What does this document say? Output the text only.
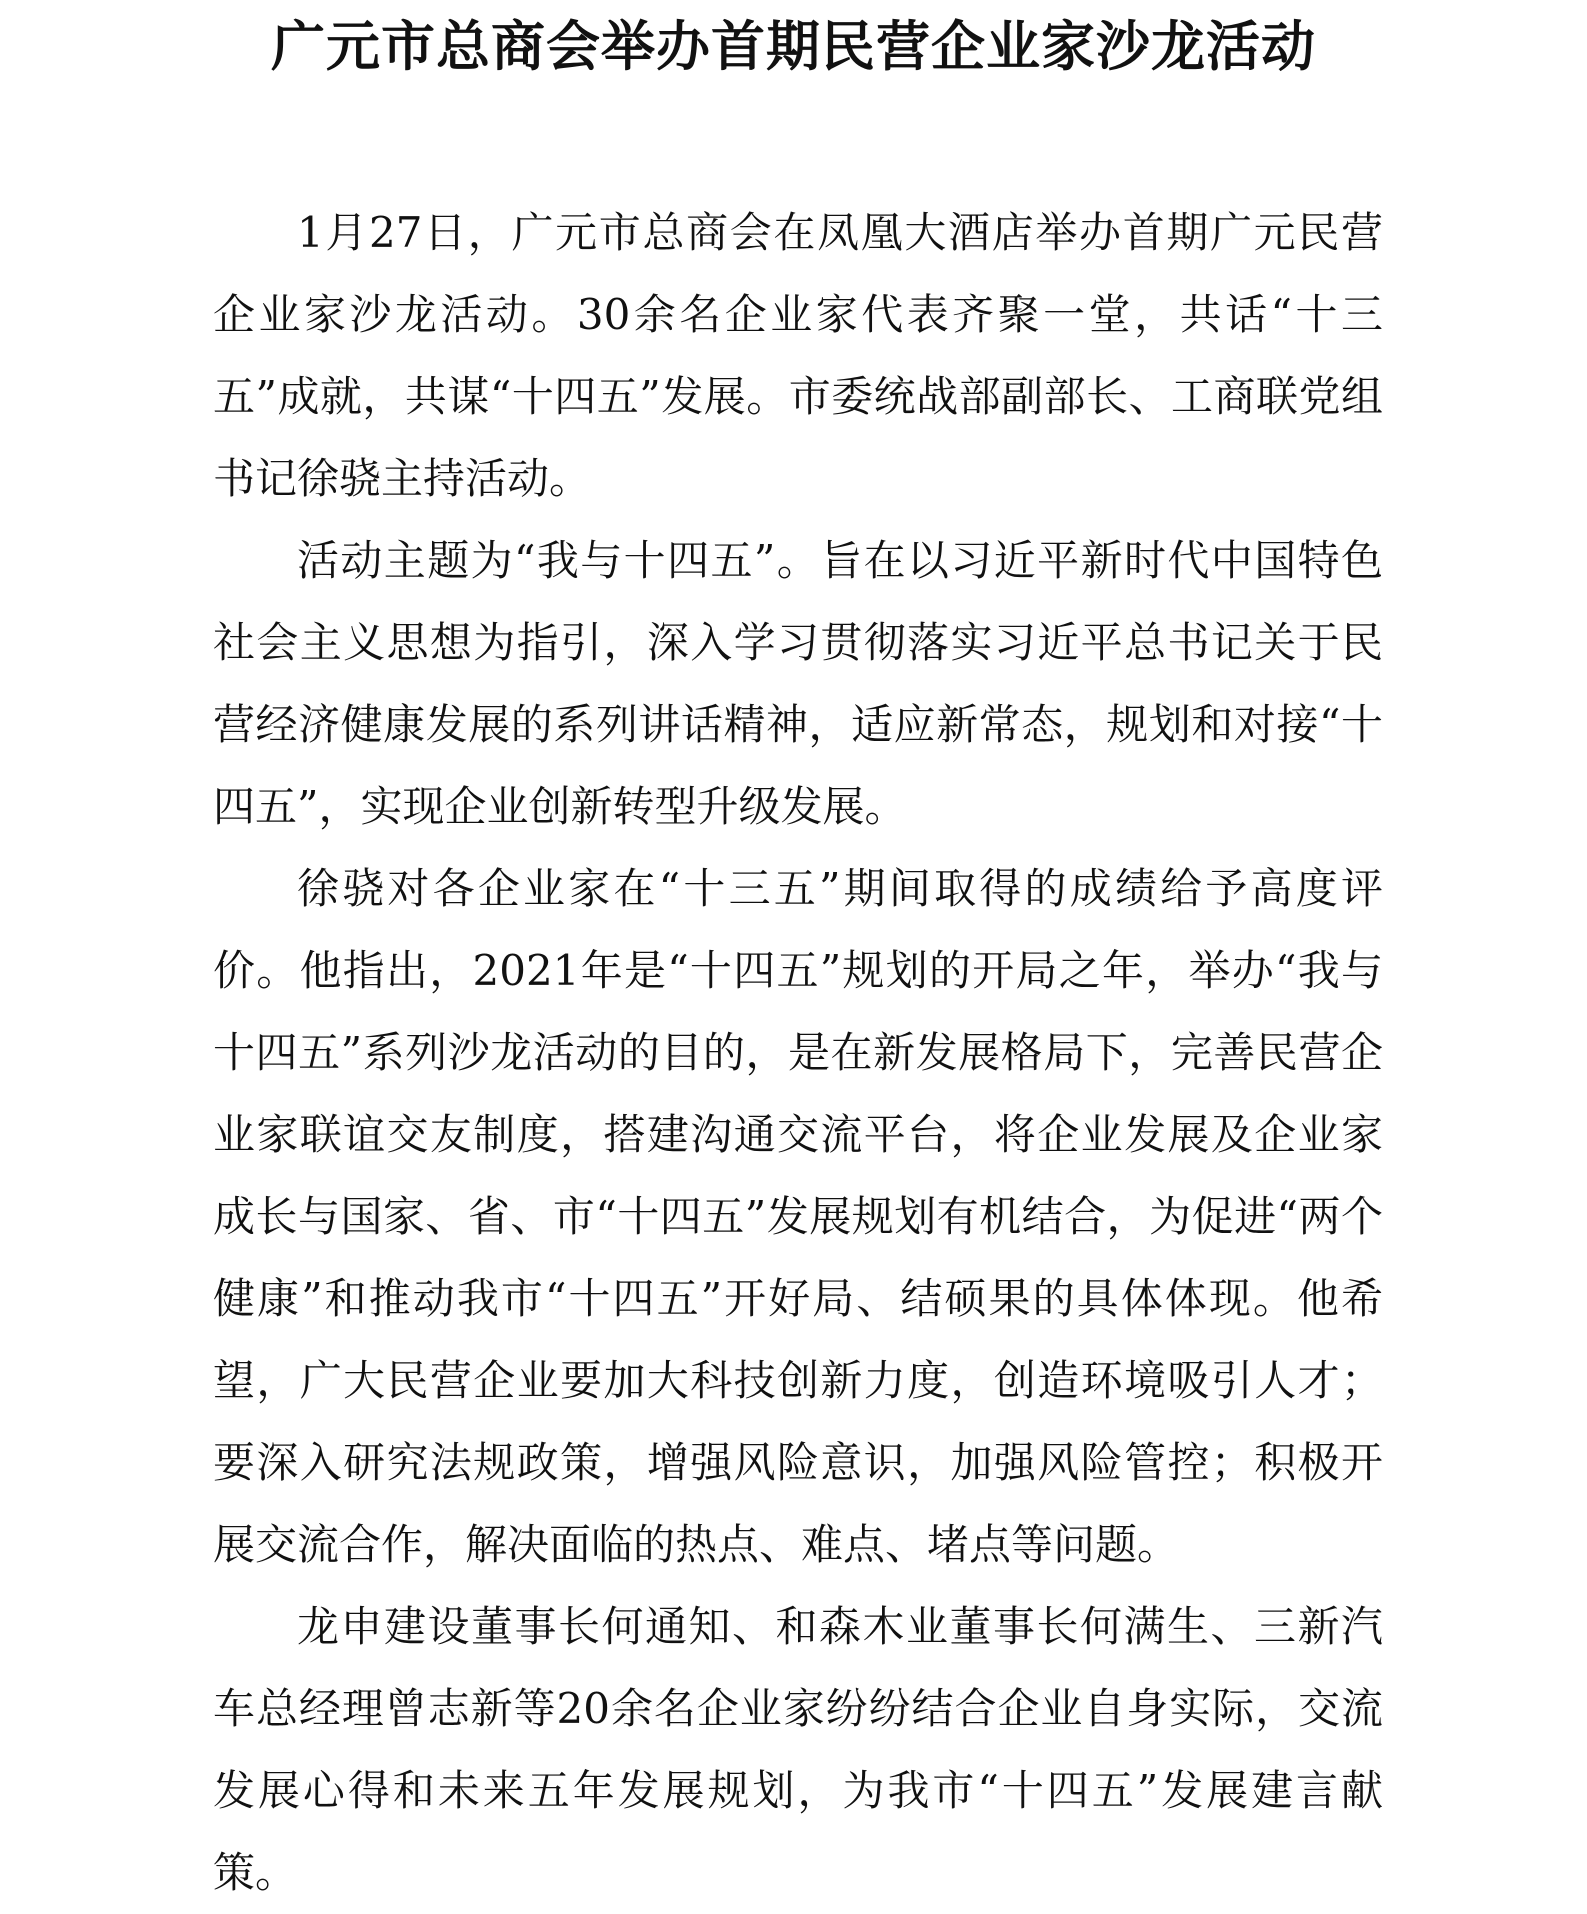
广元市总商会举办首期民营企业家沙龙活动

1月27日，广元市总商会在凤凰大酒店举办首期广元民营企业家沙龙活动。30余名企业家代表齐聚一堂，共话“十三五”成就，共谋“十四五”发展。市委统战部副部长、工商联党组书记徐骁主持活动。

活动主题为“我与十四五”。旨在以习近平新时代中国特色社会主义思想为指引，深入学习贯彻落实习近平总书记关于民营经济健康发展的系列讲话精神，适应新常态，规划和对接“十四五”，实现企业创新转型升级发展。

徐骁对各企业家在“十三五”期间取得的成绩给予高度评价。他指出，2021年是“十四五”规划的开局之年，举办“我与十四五”系列沙龙活动的目的，是在新发展格局下，完善民营企业家联谊交友制度，搭建沟通交流平台，将企业发展及企业家成长与国家、省、市“十四五”发展规划有机结合，为促进“两个健康”和推动我市“十四五”开好局、结硕果的具体体现。他希望，广大民营企业要加大科技创新力度，创造环境吸引人才；要深入研究法规政策，增强风险意识，加强风险管控；积极开展交流合作，解决面临的热点、难点、堵点等问题。

龙申建设董事长何通知、和森木业董事长何满生、三新汽车总经理曾志新等20余名企业家纷纷结合企业自身实际，交流发展心得和未来五年发展规划，为我市“十四五”发展建言献策。
